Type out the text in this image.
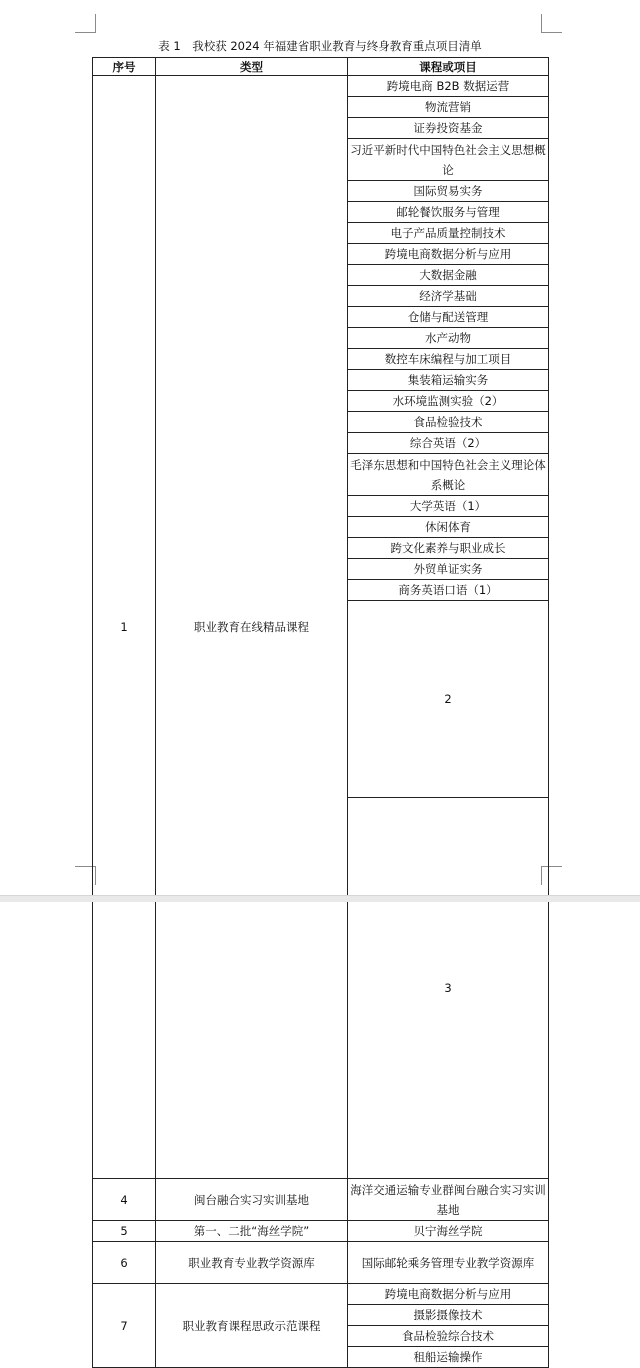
表 1　我校获 2024 年福建省职业教育与终身教育重点项目清单
序号	类型	课程或项目	
1	职业教育在线精品课程	跨境电商 B2B 数据运营	
		物流营销	
		证券投资基金	
		习近平新时代中国特色社会主义思想概论	
		国际贸易实务	
		邮轮餐饮服务与管理	
		电子产品质量控制技术	
		跨境电商数据分析与应用	
		大数据金融	
		经济学基础	
		仓储与配送管理	
		水产动物	
		数控车床编程与加工项目	
		集装箱运输实务	
		水环境监测实验（2）	
		食品检验技术	
		综合英语（2）	
		毛泽东思想和中国特色社会主义理论体系概论	
		大学英语（1）	
		休闲体育	
		跨文化素养与职业成长	
		外贸单证实务	
		商务英语口语（1）	
		2		
		3		
4	闽台融合实习实训基地	海洋交通运输专业群闽台融合实习实训基地	
5	第一、二批“海丝学院”	贝宁海丝学院	
6	职业教育专业教学资源库	国际邮轮乘务管理专业教学资源库	
7	职业教育课程思政示范课程	跨境电商数据分析与应用	
		摄影摄像技术	
		食品检验综合技术	
		租船运输操作	
